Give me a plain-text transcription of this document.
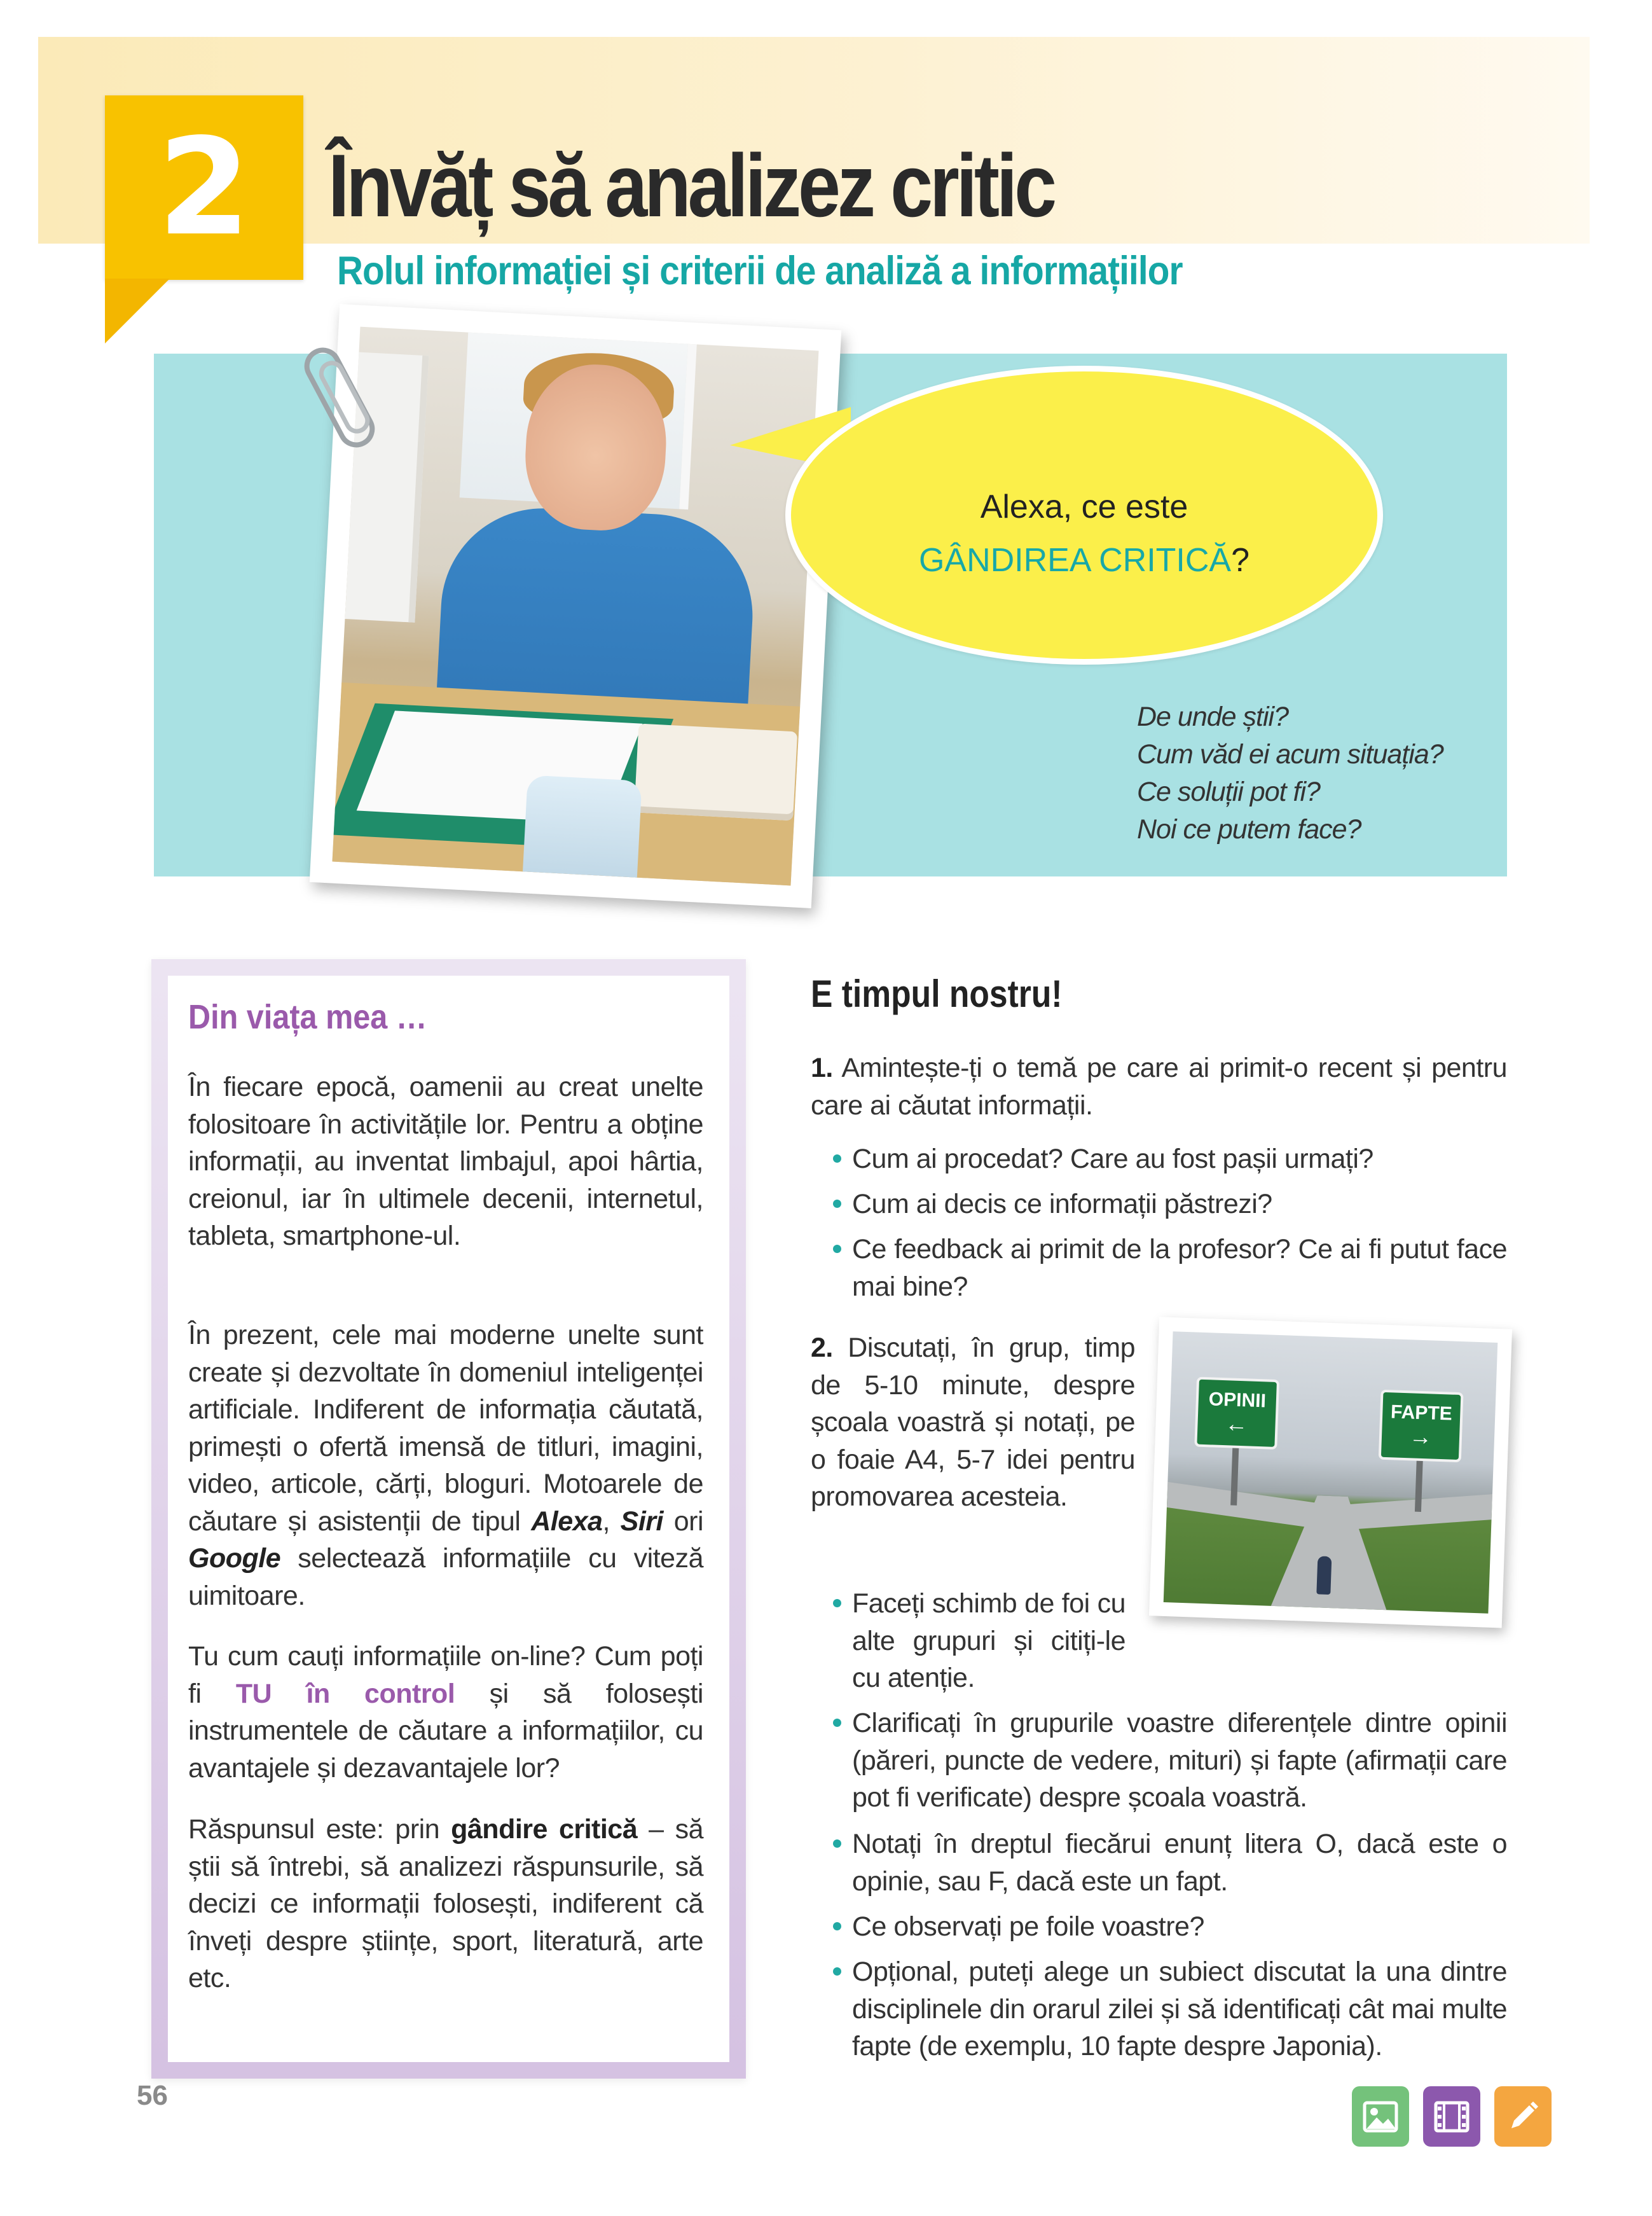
2 Învăț să analizez critic
Rolul informației și criterii de analiză a informațiilor
Alexa, ce este
GÂNDIREA CRITICĂ?
De unde știi?
Cum văd ei acum situația?
Ce soluții pot fi?
Noi ce putem face?
Din viața mea …
În fiecare epocă, oamenii au creat unelte folositoare în activitățile lor. Pentru a obține informații, au inventat limbajul, apoi hârtia, creionul, iar în ultimele decenii, internetul, tableta, smartphone-ul.
În prezent, cele mai moderne unelte sunt create și dezvoltate în domeniul inteligenței artificiale. Indiferent de informația căutată, primești o ofertă imensă de titluri, imagini, video, articole, cărți, bloguri. Motoarele de căutare și asistenții de tipul Alexa, Siri ori Google selectează informațiile cu viteză uimitoare.
Tu cum cauți informațiile on-line? Cum poți fi TU în control și să folosești instrumentele de căutare a informațiilor, cu avantajele și dezavantajele lor?
Răspunsul este: prin gândire critică – să știi să întrebi, să analizezi răspunsurile, să decizi ce informații folosești, indiferent că înveți despre științe, sport, literatură, arte etc.
E timpul nostru!
1. Amintește-ți o temă pe care ai primit-o recent și pentru care ai căutat informații.
Cum ai procedat? Care au fost pașii urmați?
Cum ai decis ce informații păstrezi?
Ce feedback ai primit de la profesor? Ce ai fi putut face mai bine?
2. Discutați, în grup, timp de 5-10 minute, despre școala voastră și notați, pe o foaie A4, 5-7 idei pentru promovarea acesteia.
OPINII
←	FAPTE
→
Faceți schimb de foi cu alte grupuri și citiți-le cu atenție.
Clarificați în grupurile voastre diferențele dintre opinii (păreri, puncte de vedere, mituri) și fapte (afirmații care pot fi verificate) despre școala voastră.
Notați în dreptul fiecărui enunț litera O, dacă este o opinie, sau F, dacă este un fapt.
Ce observați pe foile voastre?
Opțional, puteți alege un subiect discutat la una dintre disciplinele din orarul zilei și să identificați cât mai multe fapte (de exemplu, 10 fapte despre Japonia).
56
